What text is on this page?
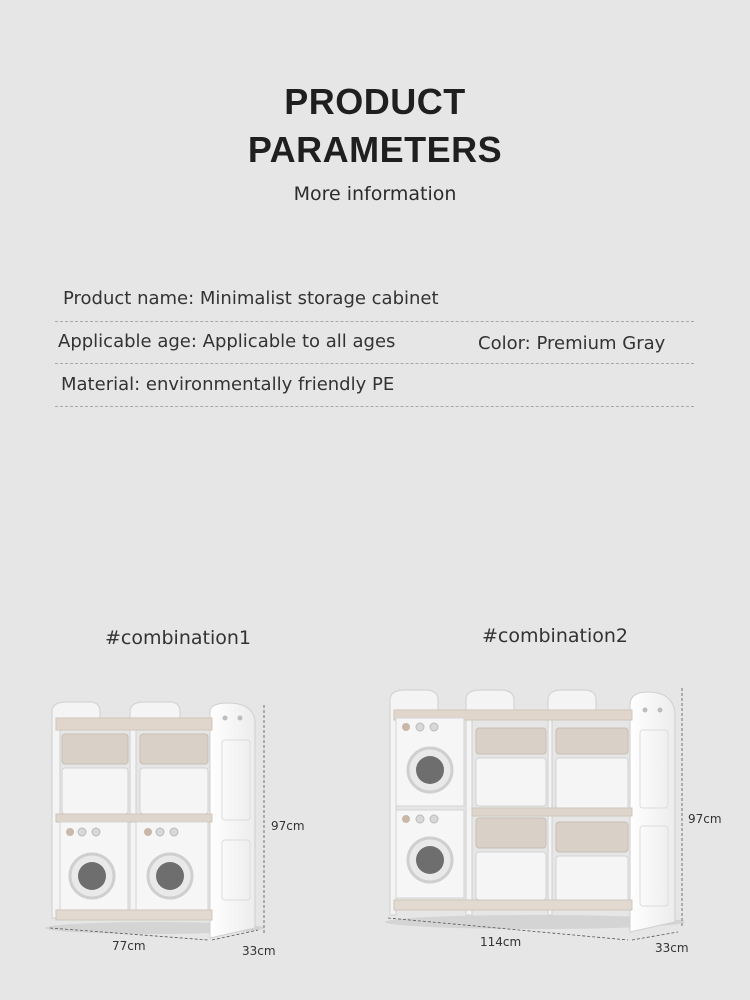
PRODUCT
PARAMETERS
More information
Product name: Minimalist storage cabinet
Applicable age: Applicable to all ages	Color: Premium Gray
Material: environmentally friendly PE
#combination1	#combination2
97cm
77cm	33cm
97cm
114cm	33cm
